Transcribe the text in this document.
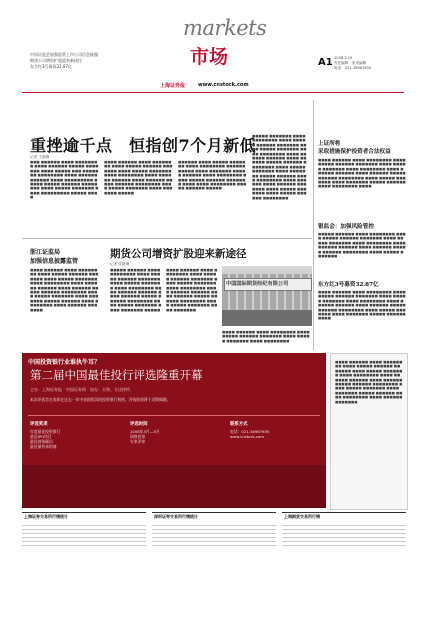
中国证监会加强监管上市公司信息披露
期货公司增资扩股迎来新途径
东方红3号募资32.87亿
markets
市场	A1 2008.3.19
责任编辑 · 美术编辑
电话：021-38967635
上海证券报	www.cnstock.com
重挫逾千点　恒指创7个月新低
记者 王丽娜

■■■ ■■■■■■ ■■■■ ■■■■■■■■ ■■■■ ■■■■■■ ■■■■■ ■■■■■■■ ■■■■ ■■■■■ ■■■ ■■■■■■■ ■■■■■■■■ ■■■■ ■■■■■■ ■■■■■■ ■■■■ ■■■■■■■■■ ■■■■■ ■■■■■ ■■■■■■ ■■■■■■■■ ■■■■ ■■■■■ ■■■■■■■ ■■■■ ■■■■■■■■■ ■■■■■ ■■■■

■■■■ ■■■■■■ ■■■■ ■■■■■■■■ ■■■■ ■■■■■ ■■■■■■ ■■■■■■■ ■■■■ ■■■■■ ■■■■■■■ ■■■■ ■■■■■■■■ ■■■■ ■■■■■■ ■■■■■■ ■■■■ ■■■■■■ ■■■■■ ■■■■■■ ■■■■■■■■ ■■■■ ■■■■■ ■■■■■■■ ■■■■ ■■■■■■■ ■■■■■

■■■■■■ ■■■■ ■■■■■ ■■■■■■■ ■■■■ ■■■■■■■■ ■■■■■■ ■■■■■ ■■■■ ■■■■■■■ ■■■■■ ■■■■■■ ■■■■ ■■■■■■■■ ■■■■ ■■■■■ ■■■■■■ ■■■■■■■ ■■■■ ■■■■ ■■■■■■■■ ■■■■■ ■■■■■■ ■■■■■

■■■■■ ■■■■■■■ ■■■■ ■■■■■■■■ ■■■■ ■■■■■ ■■■■■■ ■■■■■■■ ■■■■ ■■■■■ ■■■■■■■ ■■■■ ■■■■■■■■ ■■■■ ■■■■■■ ■■■■■■ ■■■■ ■■■■■■ ■■■■■ ■■■■■■ ■■■■■■■■ ■■■■ ■■■■■ ■■■■■■■ ■■■■ ■■■■■■■ ■■■■■ ■■■■■■ ■■■■ ■■■■■■■■ ■■■■ ■■■■■■ ■■■■ ■■■■■■ ■■■■■■■ ■■■■ ■■■■■ ■■■■■■■ ■■■■ ■■■■■ ■■■■■■ ■■■■■■■■

上证所将
采取措施保护投资者合法权益

■■■■ ■■■■■■ ■■■■ ■■■■■■■■ ■■■■ ■■■■■ ■■■■■■ ■■■■■■■ ■■■■ ■■■■■ ■■■■■■■ ■■■■ ■■■■■■■■ ■■■■ ■■■■■■ ■■■■■■ ■■■■ ■■■■■■ ■■■■■ ■■■■■■ ■■■■■■■■ ■■■■ ■■■■■ ■■■■■■■ ■■■■ ■■■■■■■ ■■■■■ ■■■■■■ ■■■■ ■■■■■■■■ ■■■■

银监会：加强风险管控

■■■■■ ■■■■■■ ■■■■ ■■■■■■■■ ■■■■ ■■■■■ ■■■■■■ ■■■■■■■ ■■■■ ■■■■■ ■■■■■■■ ■■■■ ■■■■■■■■ ■■■■ ■■■■■■ ■■■■■■ ■■■■ ■■■■■■ ■■■■■ ■■■■■■ ■■■■■■■■ ■■■■ ■■■■■ ■■■■■■■

东方红3号募资32.87亿

■■■■ ■■■■■■ ■■■■ ■■■■■■■■ ■■■■ ■■■■■ ■■■■■■ ■■■■■■■ ■■■■ ■■■■■ ■■■■■■■ ■■■■ ■■■■■■■■ ■■■■ ■■■■■■ ■■■■■■ ■■■■ ■■■■■■ ■■■■■ ■■■■■■ ■■■■■■■■ ■■■■ ■■■■■ ■■■■■■■ ■■■■ ■■■■■■■ ■■■■■ ■■■■■■ ■■■■

浙江证监局
加强信息披露监管

■■■■ ■■■■■■ ■■■■ ■■■■■■■■ ■■■■ ■■■■■ ■■■■■■ ■■■■■■■ ■■■■ ■■■■■ ■■■■■■■ ■■■■ ■■■■■■■■ ■■■■ ■■■■■■ ■■■■■■ ■■■■ ■■■■■■ ■■■■■ ■■■■■■ ■■■■■■■■ ■■■■ ■■■■■ ■■■■■■■ ■■■■ ■■■■■■■ ■■■■■ ■■■■■■ ■■■■ ■■■■■■■■ ■■■■ ■■■■■■ ■■■■■■■

期货公司增资扩股迎来新途径
记者 张晓琳

■■■■■ ■■■■■■ ■■■■ ■■■■■■■■ ■■■■ ■■■■■ ■■■■■■ ■■■■■■■ ■■■■ ■■■■■ ■■■■■■■ ■■■■ ■■■■■■■■ ■■■■ ■■■■■■ ■■■■■■ ■■■■ ■■■■■■ ■■■■■ ■■■■■■ ■■■■■■■■ ■■■■ ■■■■■ ■■■■■■■ ■■■■ ■■■■■■■ ■■■■■

■■■■ ■■■■■■ ■■■■ ■■■■■■■■ ■■■■ ■■■■■ ■■■■■■ ■■■■■■■ ■■■■ ■■■■■ ■■■■■■■ ■■■■ ■■■■■■■■ ■■■■ ■■■■■■ ■■■■■■ ■■■■ ■■■■■■ ■■■■■ ■■■■■■ ■■■■■■■■ ■■■■ ■■■■■ ■■■■■■■ ■■■■ ■■■■■■■

中国国际期货经纪有限公司

■■■■ ■■■■■■ ■■■■ ■■■■■■■■ ■■■■ ■■■■■ ■■■■■■ ■■■■■■■ ■■■■ ■■■■■ ■■■■■■■ ■■■■ ■■■■■■■■

中国投资银行业谁执牛耳？
第二届中国最佳投行评选隆重开幕
主办：上海证券报　中国证券网　协办：天和、方达律所
本次评选旨在表彰在过去一年中表现优异的投资银行机构，评选结果将于近期揭晓。
评选奖项
年度最佳投资银行
最佳IPO项目
最佳财务顾问
最佳债券承销商
评选时间
2008年3月—5月
网络投票
专家评审
联系方式
电话：021-38967635
www.cnstock.com

■■■■ ■■■■■■ ■■■■ ■■■■■■■■ ■■■■ ■■■■■ ■■■■■■ ■■■■■■■ ■■■■ ■■■■■ ■■■■■■■ ■■■■ ■■■■■■■■ ■■■■ ■■■■■■ ■■■■■■ ■■■■ ■■■■■■ ■■■■■ ■■■■■■ ■■■■■■■■ ■■■■ ■■■■■ ■■■■■■■ ■■■■ ■■■■■■■ ■■■■■ ■■■■■■ ■■■■ ■■■■■■■■ ■■■■ ■■■■■■ ■■■■■■■

上海证券交易所行情统计	深圳证券交易所行情统计	上海期货交易所行情
